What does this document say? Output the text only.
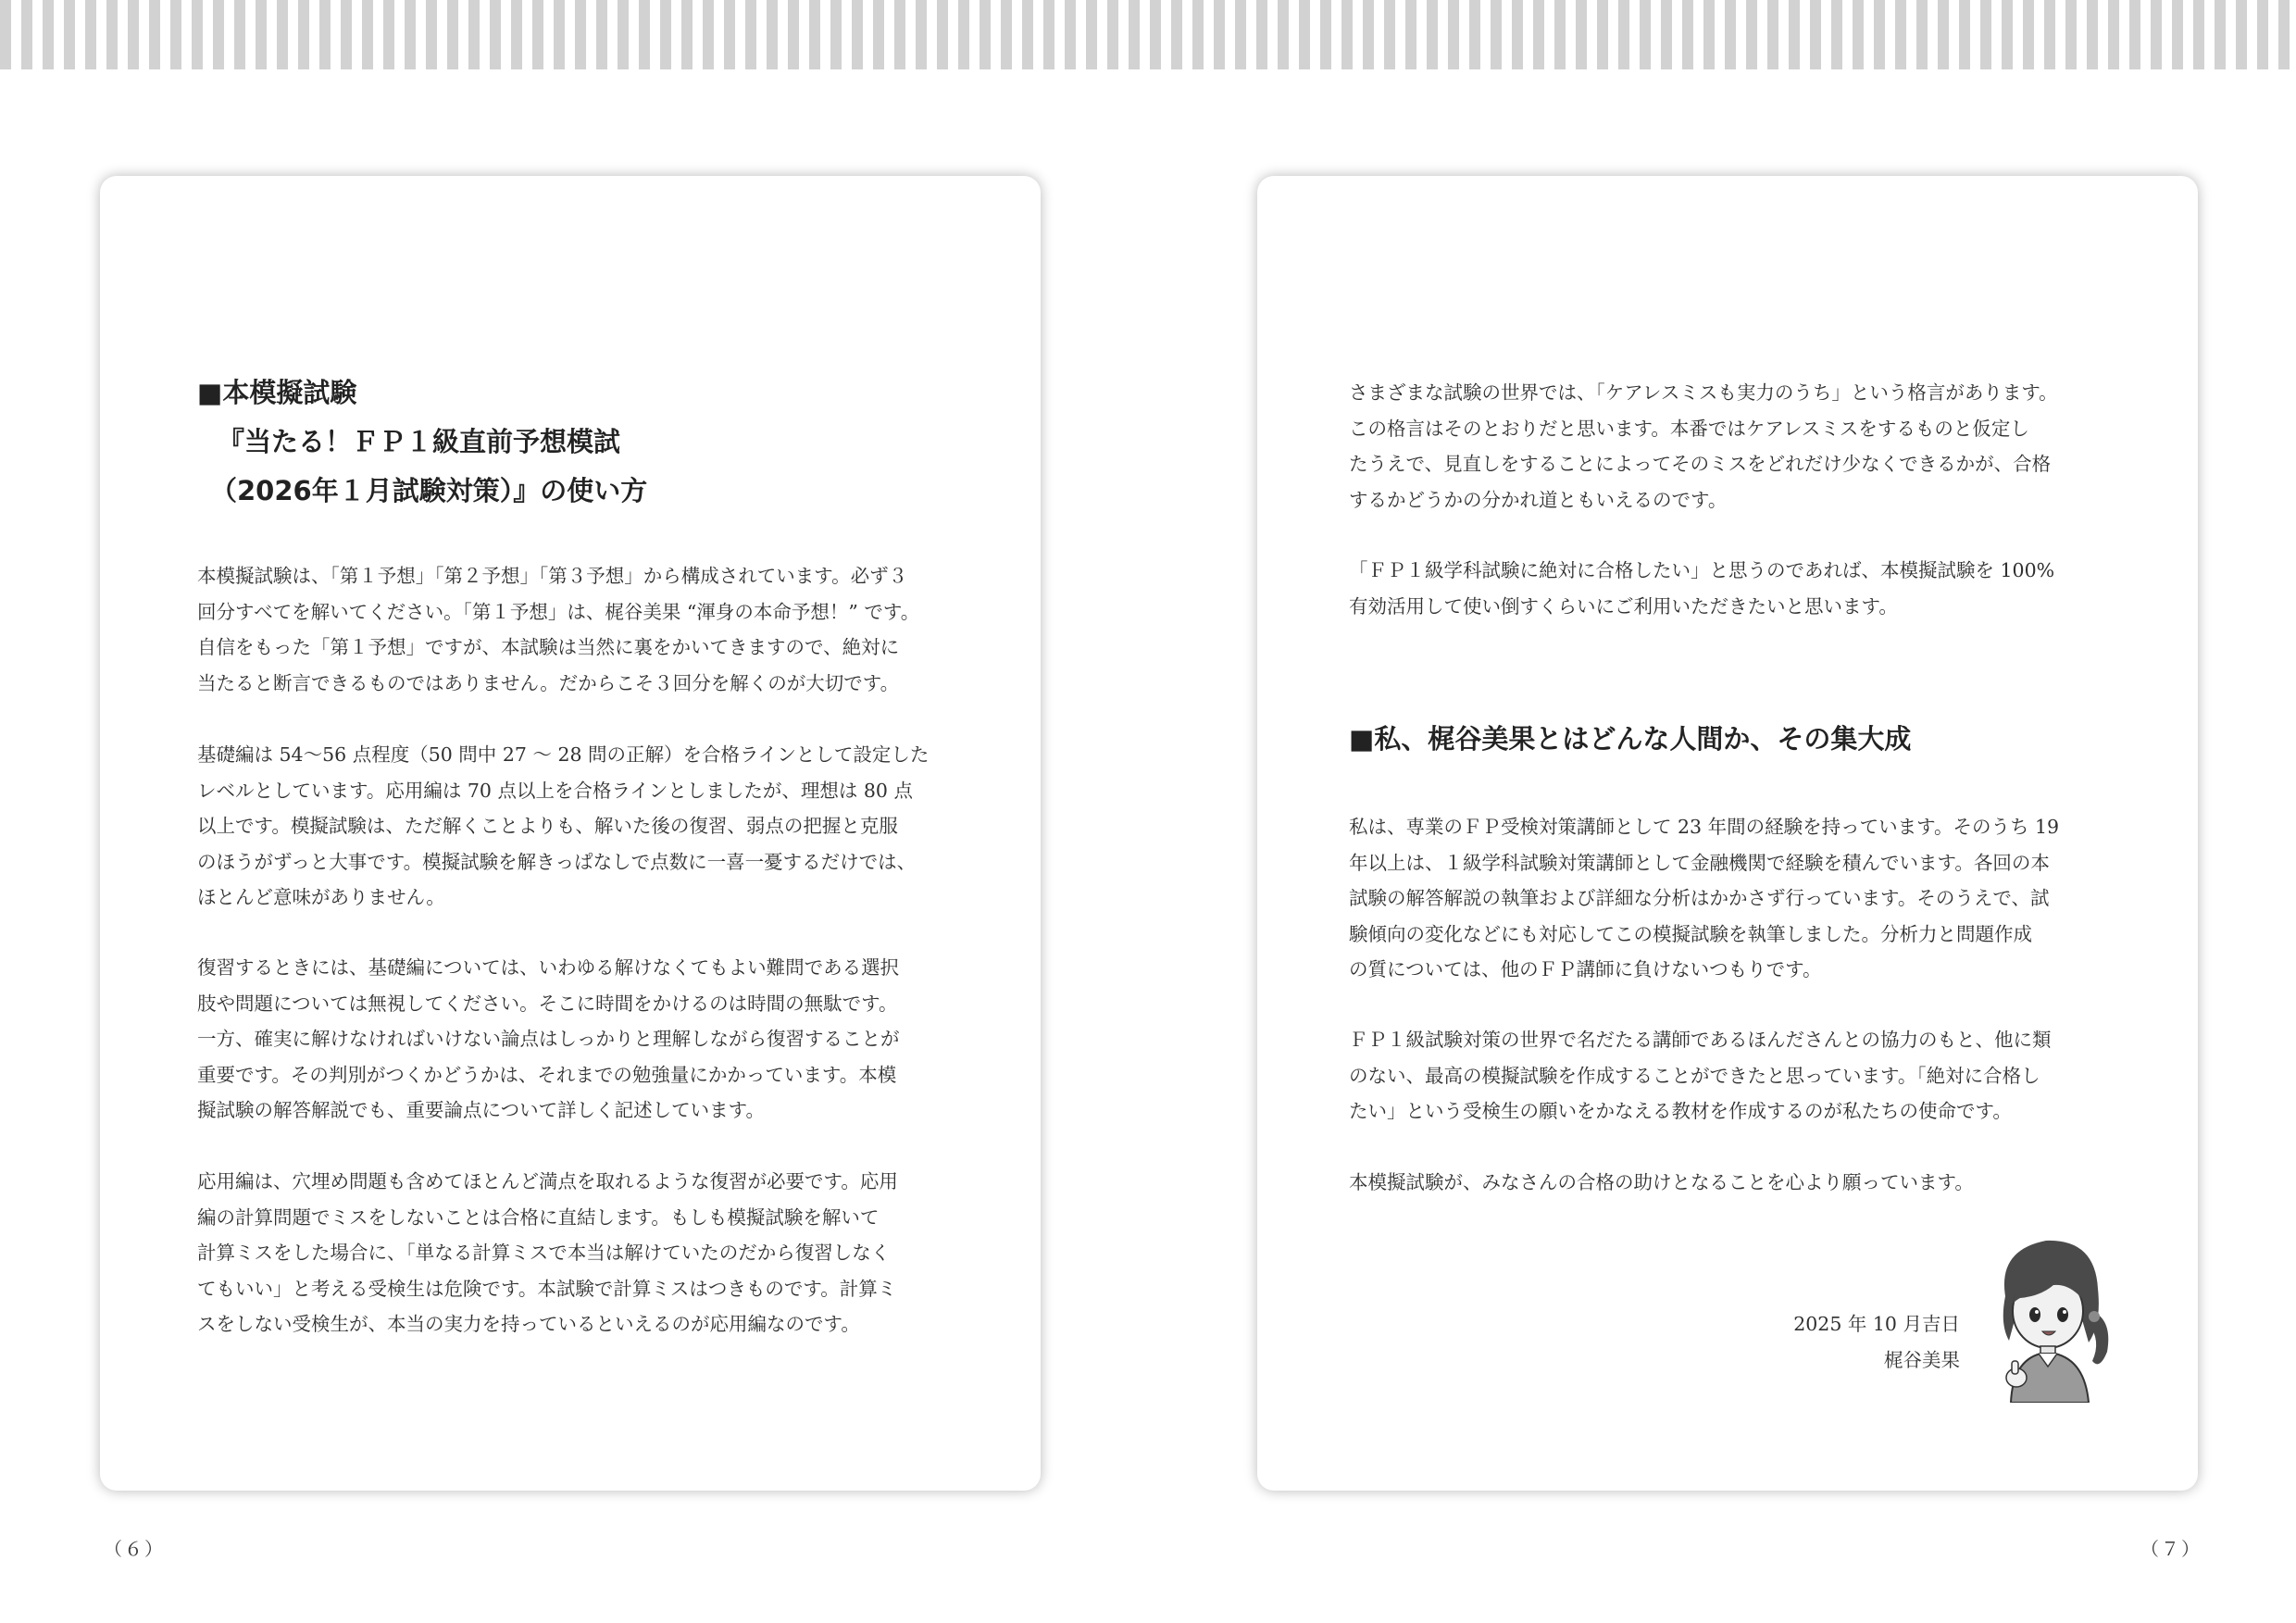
■本模擬試験
『当たる！ＦＰ１級直前予想模試
（2026年１月試験対策）』の使い方
本模擬試験は、「第１予想」「第２予想」「第３予想」から構成されています。必ず３
回分すべてを解いてください。「第１予想」は、梶谷美果 “渾身の本命予想！” です。
自信をもった「第１予想」ですが、本試験は当然に裏をかいてきますので、絶対に
当たると断言できるものではありません。だからこそ３回分を解くのが大切です。
基礎編は 54〜56 点程度（50 問中 27 〜 28 問の正解）を合格ラインとして設定した
レベルとしています。応用編は 70 点以上を合格ラインとしましたが、理想は 80 点
以上です。模擬試験は、ただ解くことよりも、解いた後の復習、弱点の把握と克服
のほうがずっと大事です。模擬試験を解きっぱなしで点数に一喜一憂するだけでは、
ほとんど意味がありません。
復習するときには、基礎編については、いわゆる解けなくてもよい難問である選択
肢や問題については無視してください。そこに時間をかけるのは時間の無駄です。
一方、確実に解けなければいけない論点はしっかりと理解しながら復習することが
重要です。その判別がつくかどうかは、それまでの勉強量にかかっています。本模
擬試験の解答解説でも、重要論点について詳しく記述しています。
応用編は、穴埋め問題も含めてほとんど満点を取れるような復習が必要です。応用
編の計算問題でミスをしないことは合格に直結します。もしも模擬試験を解いて
計算ミスをした場合に、「単なる計算ミスで本当は解けていたのだから復習しなく
てもいい」と考える受検生は危険です。本試験で計算ミスはつきものです。計算ミ
スをしない受検生が、本当の実力を持っているといえるのが応用編なのです。
（６）
さまざまな試験の世界では、「ケアレスミスも実力のうち」という格言があります。
この格言はそのとおりだと思います。本番ではケアレスミスをするものと仮定し
たうえで、見直しをすることによってそのミスをどれだけ少なくできるかが、合格
するかどうかの分かれ道ともいえるのです。
「ＦＰ１級学科試験に絶対に合格したい」と思うのであれば、本模擬試験を 100%
有効活用して使い倒すくらいにご利用いただきたいと思います。
■私、梶谷美果とはどんな人間か、その集大成
私は、専業のＦＰ受検対策講師として 23 年間の経験を持っています。そのうち 19
年以上は、１級学科試験対策講師として金融機関で経験を積んでいます。各回の本
試験の解答解説の執筆および詳細な分析はかかさず行っています。そのうえで、試
験傾向の変化などにも対応してこの模擬試験を執筆しました。分析力と問題作成
の質については、他のＦＰ講師に負けないつもりです。
ＦＰ１級試験対策の世界で名だたる講師であるほんださんとの協力のもと、他に類
のない、最高の模擬試験を作成することができたと思っています。「絶対に合格し
たい」という受検生の願いをかなえる教材を作成するのが私たちの使命です。
本模擬試験が、みなさんの合格の助けとなることを心より願っています。
2025 年 10 月吉日
梶谷美果
（７）
